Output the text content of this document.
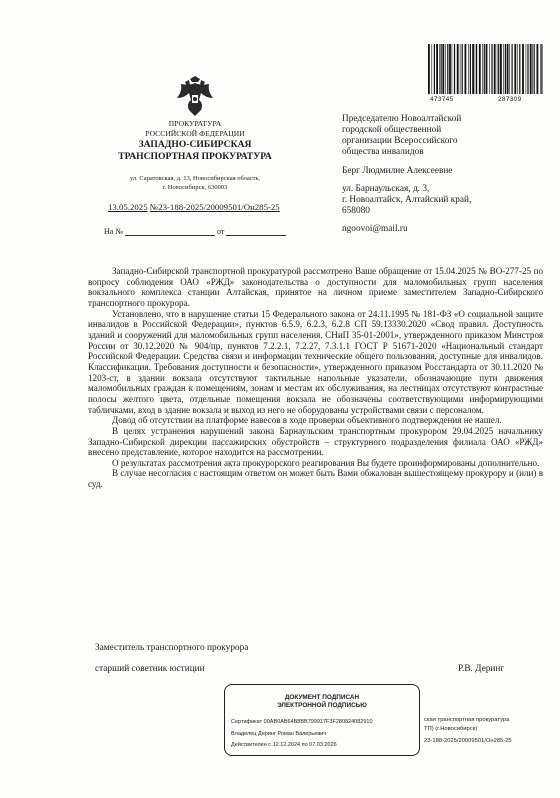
ПРОКУРАТУРА
РОССИЙСКОЙ ФЕДЕРАЦИИ
ЗАПАДНО-СИБИРСКАЯ
ТРАНСПОРТНАЯ ПРОКУРАТУРА
ул. Саратовская, д. 13, Новосибирская область,
г. Новосибирск, 630003
13.05.2025 №23-188-2025/20009501/Он285-25
На №	от
473745	287309
Председателю Новоалтайской
городской общественной
организации Всероссийского
общества инвалидов
Берг Людмилие Алексеевне
ул. Барнаульская, д. 3,
г. Новоалтайск, Алтайский край,
658080
ngoovoi@mail.ru

Западно-Сибирской транспортной прокуратурой рассмотрено Ваше обращение от 15.04.2025 № ВО-277-25 по вопросу соблюдения ОАО «РЖД» законодательства о доступности для маломобильных групп населения вокзального комплекса станции Алтайская, принятое на личном приеме заместителем Западно-Сибирского транспортного прокурора.

Установлено, что в нарушение статьи 15 Федерального закона от 24.11.1995 № 181-ФЗ «О социальной защите инвалидов в Российской Федерации», пунктов 6.5.9, 6.2.3, 6.2.8 СП 59.13330.2020 «Свод правил. Доступность зданий и сооружений для маломобильных групп населения. СНиП 35-01-2001», утвержденного приказом Минстроя России от 30.12.2020 № 904/пр, пунктов 7.2.2.1, 7.2.27, 7.3.1.1 ГОСТ Р 51671-2020 «Национальный стандарт Российской Федерации. Средства связи и информации технические общего пользования, доступные для инвалидов. Классификация. Требования доступности и безопасности», утвержденного приказом Росстандарта от 30.11.2020 № 1203-ст, в здании вокзала отсутствуют тактильные напольные указатели, обозначающие пути движения маломобильных граждан к помещениям, зонам и местам их обслуживания, на лестницах отсутствуют контрастные полосы желтого цвета, отдельные помещения вокзала не обозначены соответствующими информирующими табличками, вход в здание вокзала и выход из него не оборудованы устройствами связи с персоналом.

Довод об отсутствии на платформе навесов в ходе проверки объективного подтверждения не нашел.

В целях устранения нарушений закона Барнаульским транспортным прокурором 29.04.2025 начальнику Западно-Сибирской дирекции пассажирских обустройств – структурного подразделения филиала ОАО «РЖД» внесено представление, которое находится на рассмотрении.

О результатах рассмотрения акта прокурорского реагирования Вы будете проинформированы дополнительно.

В случае несогласия с настоящим ответом он может быть Вами обжалован вышестоящему прокурору и (или) в суд.

Заместитель транспортного прокурора
старший советник юстиции	Р.В. Деринг
ДОКУМЕНТ ПОДПИСАН
ЭЛЕКТРОННОЙ ПОДПИСЬЮ
Сертификат 00AB0AB64B8BB799917F3F280824082910
Владелец Деринг Роман Валерьевич
Действителен с 12.12.2024 по 07.03.2026
ская транспортная прокуратура
ТП) (г.Новосибирск)
23-188-2025/20009501/Он285-25
